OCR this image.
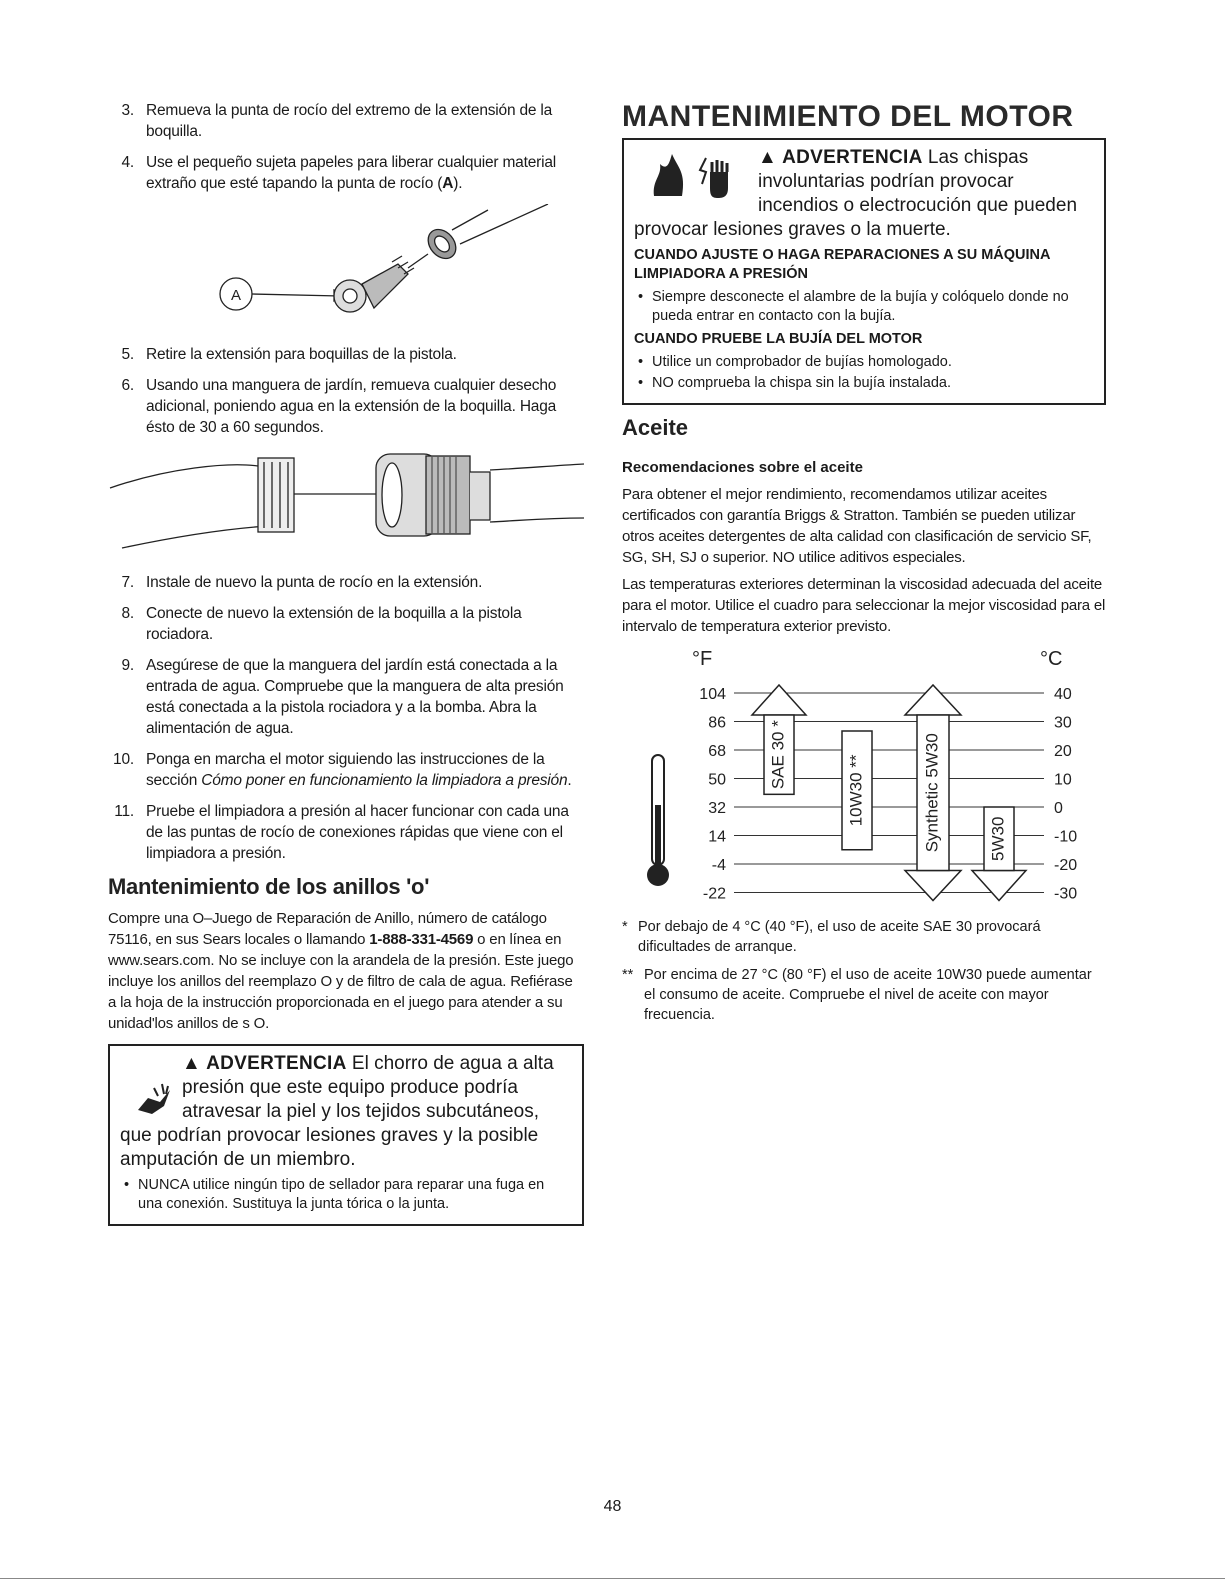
3. Remueva la punta de rocío del extremo de la extensión de la boquilla.
4. Use el pequeño sujeta papeles para liberar cualquier material extraño que esté tapando la punta de rocío (A).
A
5. Retire la extensión para boquillas de la pistola.
6. Usando una manguera de jardín, remueva cualquier desecho adicional, poniendo agua en la extensión de la boquilla. Haga ésto de 30 a 60 segundos.
7. Instale de nuevo la punta de rocío en la extensión.
8. Conecte de nuevo la extensión de la boquilla a la pistola rociadora.
9. Asegúrese de que la manguera del jardín está conectada a la entrada de agua. Compruebe que la manguera de alta presión está conectada a la pistola rociadora y a la bomba. Abra la alimentación de agua.
10. Ponga en marcha el motor siguiendo las instrucciones de la sección Cómo poner en funcionamiento la limpiadora a presión.
11. Pruebe el limpiadora a presión al hacer funcionar con cada una de las puntas de rocío de conexiones rápidas que viene con el limpiadora a presión.
Mantenimiento de los anillos 'o'

Compre una O–Juego de Reparación de Anillo, número de catálogo 75116, en sus Sears locales o llamando 1-888-331-4569 o en línea en www.sears.com. No se incluye con la arandela de la presión. Este juego incluye los anillos del reemplazo O y de filtro de cala de agua. Refiérase a la hoja de la instrucción proporcionada en el juego para atender a su unidad'los anillos de s O.

▲ ADVERTENCIA El chorro de agua a alta presión que este equipo produce podría atravesar la piel y los tejidos subcutáneos, que podrían provocar lesiones graves y la posible amputación de un miembro.
• NUNCA utilice ningún tipo de sellador para reparar una fuga en una conexión. Sustituya la junta tórica o la junta.
MANTENIMIENTO DEL MOTOR
▲ ADVERTENCIA Las chispas involuntarias podrían provocar incendios o electrocución que pueden provocar lesiones graves o la muerte.
CUANDO AJUSTE O HAGA REPARACIONES A SU MÁQUINA LIMPIADORA A PRESIÓN
• Siempre desconecte el alambre de la bujía y colóquelo donde no pueda entrar en contacto con la bujía.
CUANDO PRUEBE LA BUJÍA DEL MOTOR
• Utilice un comprobador de bujías homologado.
• NO comprueba la chispa sin la bujía instalada.
Aceite
Recomendaciones sobre el aceite

Para obtener el mejor rendimiento, recomendamos utilizar aceites certificados con garantía Briggs & Stratton. También se pueden utilizar otros aceites detergentes de alta calidad con clasificación de servicio SF, SG, SH, SJ o superior. NO utilice aditivos especiales.

Las temperaturas exteriores determinan la viscosidad adecuada del aceite para el motor. Utilice el cuadro para seleccionar la mejor viscosidad para el intervalo de temperatura exterior previsto.

°F	°C
104	40
86	30
68	20
50	10
32	0
14	-10
-4	-20
-22	-30
SAE 30 *	10W30 **	Synthetic 5W30	5W30
* Por debajo de 4 °C (40 °F), el uso de aceite SAE 30 provocará dificultades de arranque.
** Por encima de 27 °C (80 °F) el uso de aceite 10W30 puede aumentar el consumo de aceite. Compruebe el nivel de aceite con mayor frecuencia.
48
